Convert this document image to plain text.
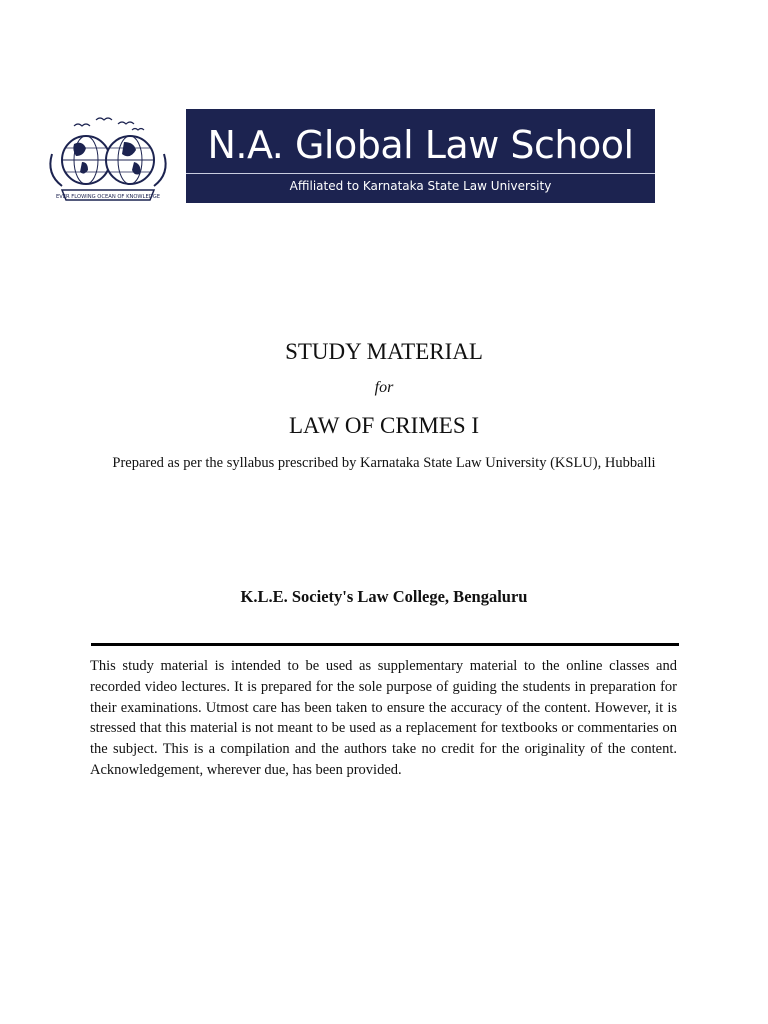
EVER FLOWING OCEAN OF KNOWLEDGE
N.A. Global Law School
Affiliated to Karnataka State Law University
STUDY MATERIAL
for
LAW OF CRIMES I
Prepared as per the syllabus prescribed by Karnataka State Law University (KSLU), Hubballi
K.L.E. Society's Law College, Bengaluru

This study material is intended to be used as supplementary material to the online classes and recorded video lectures. It is prepared for the sole purpose of guiding the students in preparation for their examinations. Utmost care has been taken to ensure the accuracy of the content. However, it is stressed that this material is not meant to be used as a replacement for textbooks or commentaries on the subject. This is a compilation and the authors take no credit for the originality of the content. Acknowledgement, wherever due, has been provided.
